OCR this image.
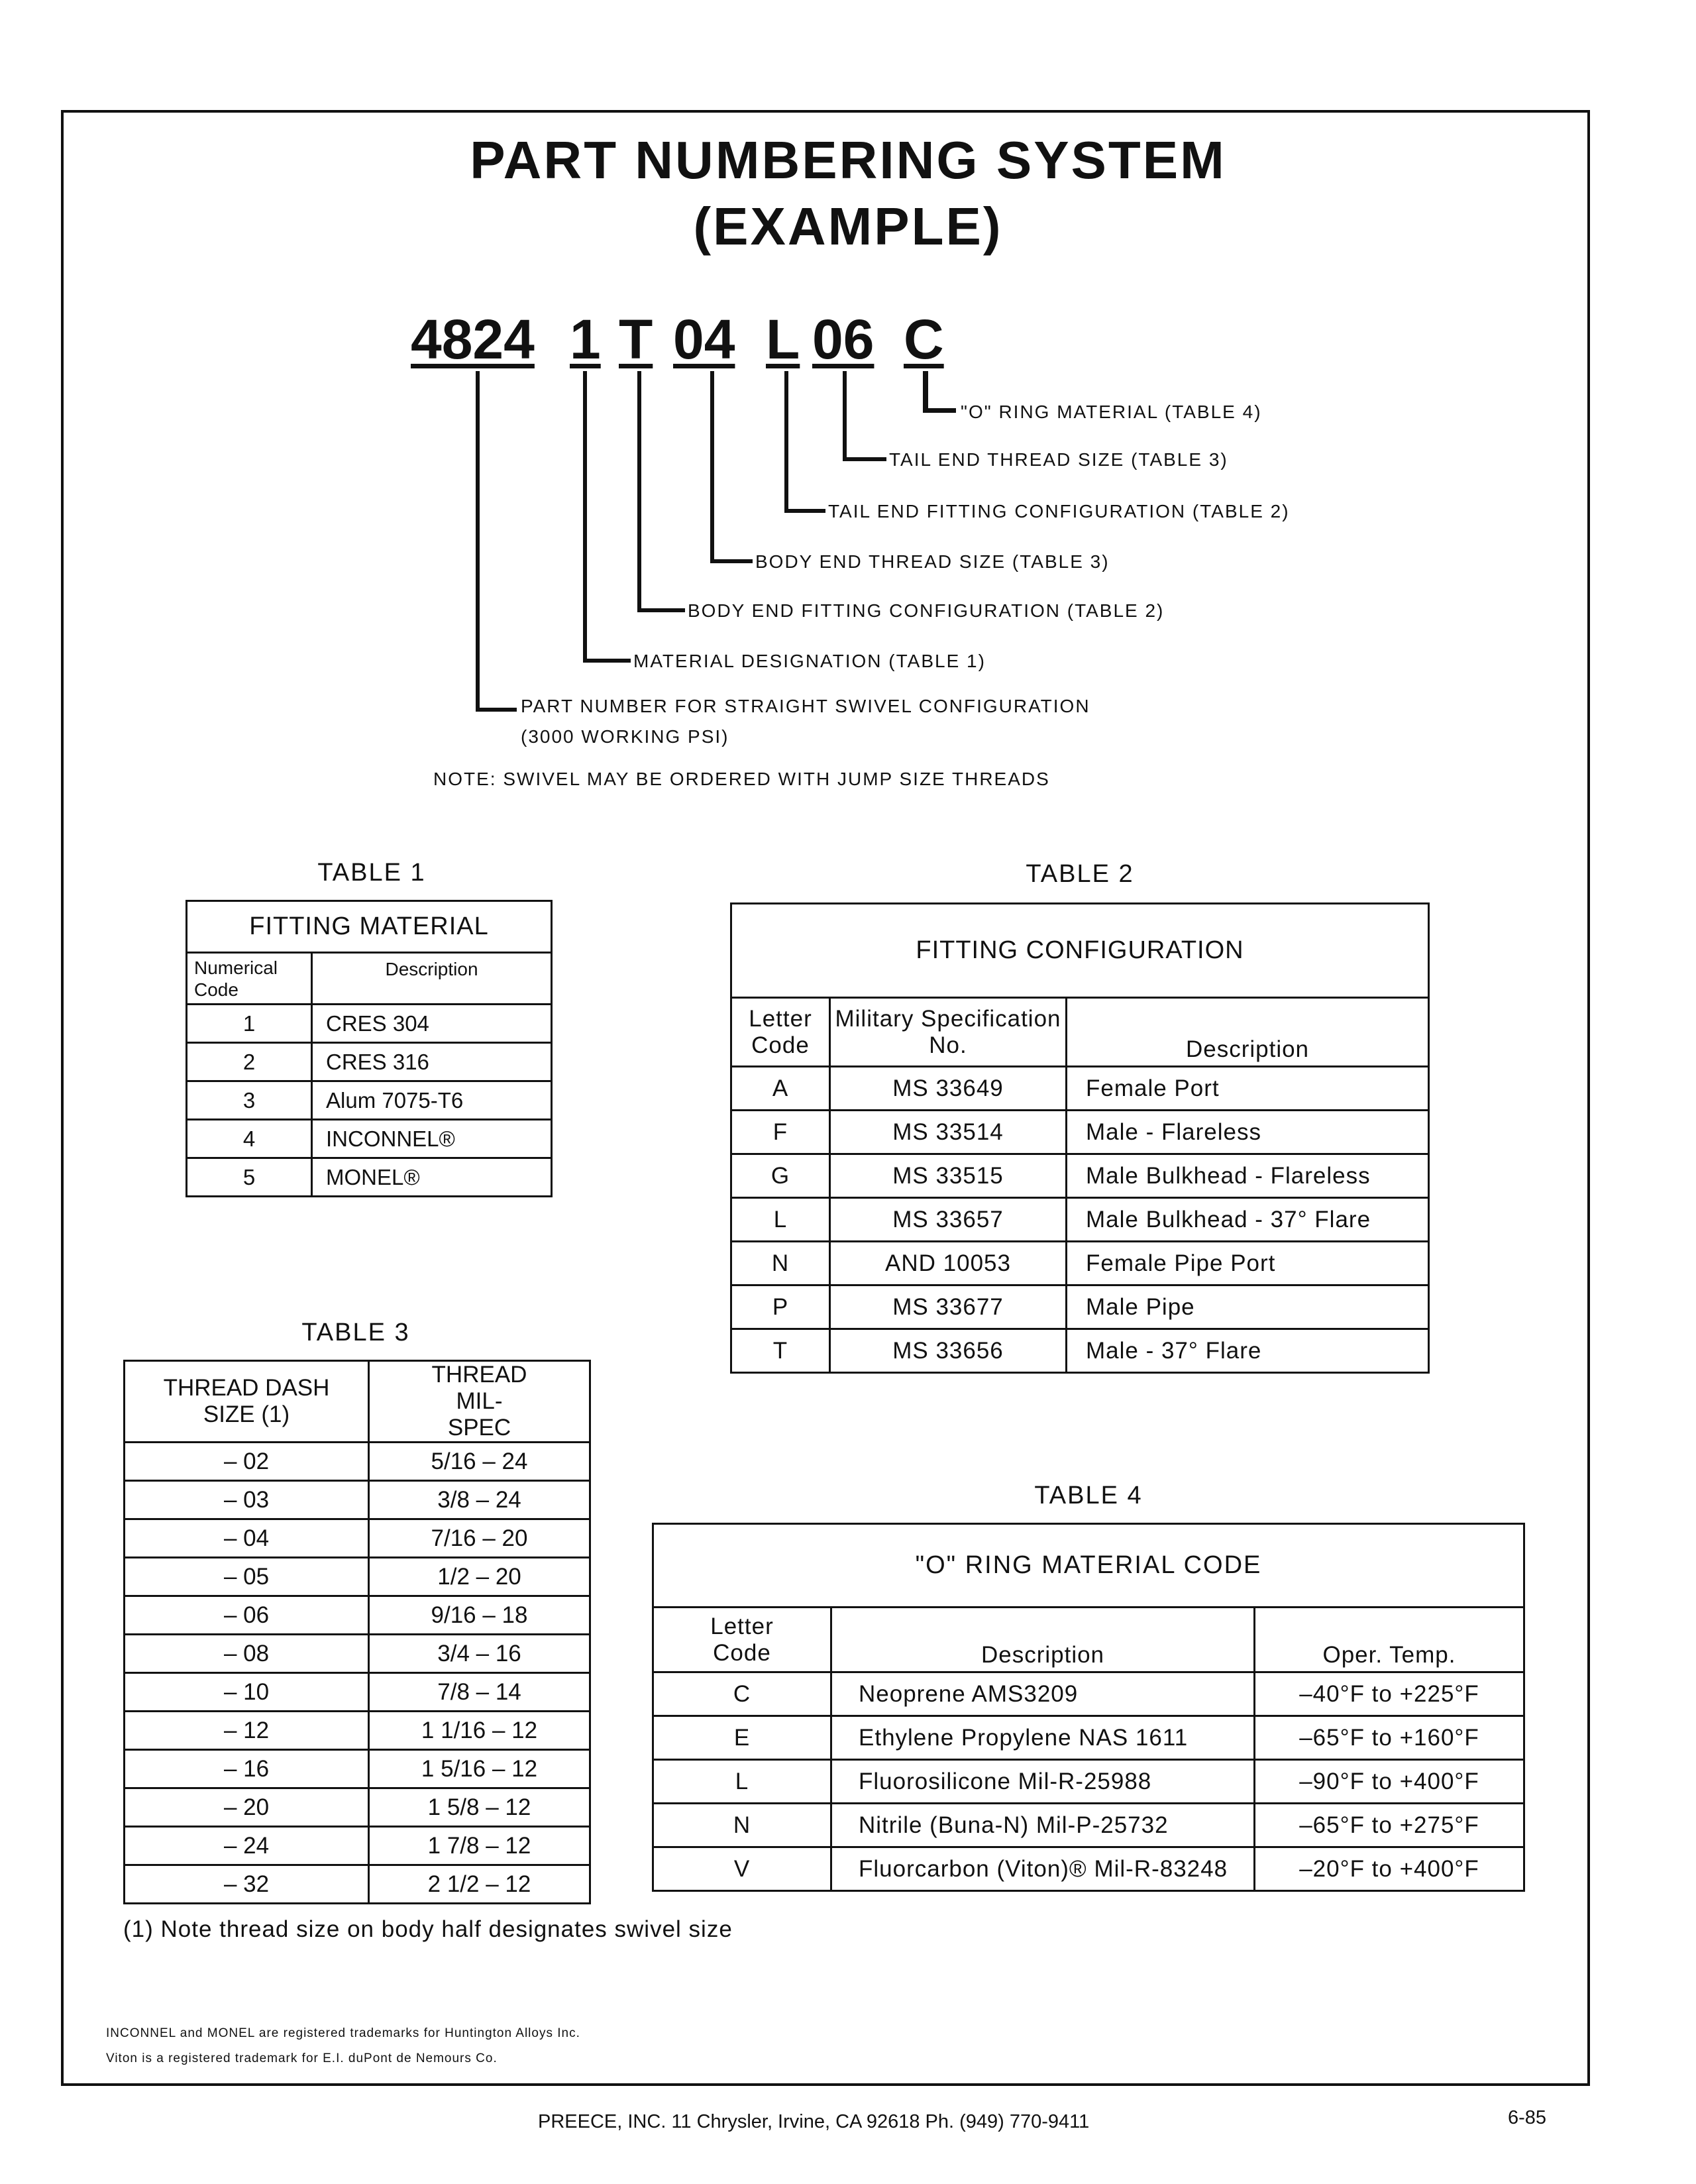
PART NUMBERING SYSTEM
(EXAMPLE)
4824 1 T 04 L 06 C
"O" RING MATERIAL (TABLE 4)
TAIL END THREAD SIZE (TABLE 3)
TAIL END FITTING CONFIGURATION (TABLE 2)
BODY END THREAD SIZE (TABLE 3)
BODY END FITTING CONFIGURATION (TABLE 2)
MATERIAL DESIGNATION (TABLE 1)
PART NUMBER FOR STRAIGHT SWIVEL CONFIGURATION
(3000 WORKING PSI)
NOTE: SWIVEL MAY BE ORDERED WITH JUMP SIZE THREADS
TABLE 1
FITTING MATERIAL	
Numerical Code	Description
1	CRES 304
2	CRES 316
3	Alum 7075-T6
4	INCONNEL®
5	MONEL®
TABLE 2
FITTING CONFIGURATION		
Letter Code	Military Specification No.	Description
A	MS 33649	Female Port
F	MS 33514	Male - Flareless
G	MS 33515	Male Bulkhead - Flareless
L	MS 33657	Male Bulkhead - 37° Flare
N	AND 10053	Female Pipe Port
P	MS 33677	Male Pipe
T	MS 33656	Male - 37° Flare
TABLE 3
THREAD DASH SIZE (1)	THREAD MIL-SPEC
– 02	5/16 – 24
– 03	3/8 – 24
– 04	7/16 – 20
– 05	1/2 – 20
– 06	9/16 – 18
– 08	3/4 – 16
– 10	7/8 – 14
– 12	1 1/16 – 12
– 16	1 5/16 – 12
– 20	1 5/8 – 12
– 24	1 7/8 – 12
– 32	2 1/2 – 12
(1) Note thread size on body half designates swivel size
TABLE 4
"O" RING MATERIAL CODE		
Letter Code	Description	Oper. Temp.
C	Neoprene AMS3209	–40°F to +225°F
E	Ethylene Propylene NAS 1611	–65°F to +160°F
L	Fluorosilicone Mil-R-25988	–90°F to +400°F
N	Nitrile (Buna-N) Mil-P-25732	–65°F to +275°F
V	Fluorcarbon (Viton)® Mil-R-83248	–20°F to +400°F
INCONNEL and MONEL are registered trademarks for Huntington Alloys Inc.
Viton is a registered trademark for E.I. duPont de Nemours Co.
PREECE, INC. 11 Chrysler, Irvine, CA 92618 Ph. (949) 770-9411	6-85
